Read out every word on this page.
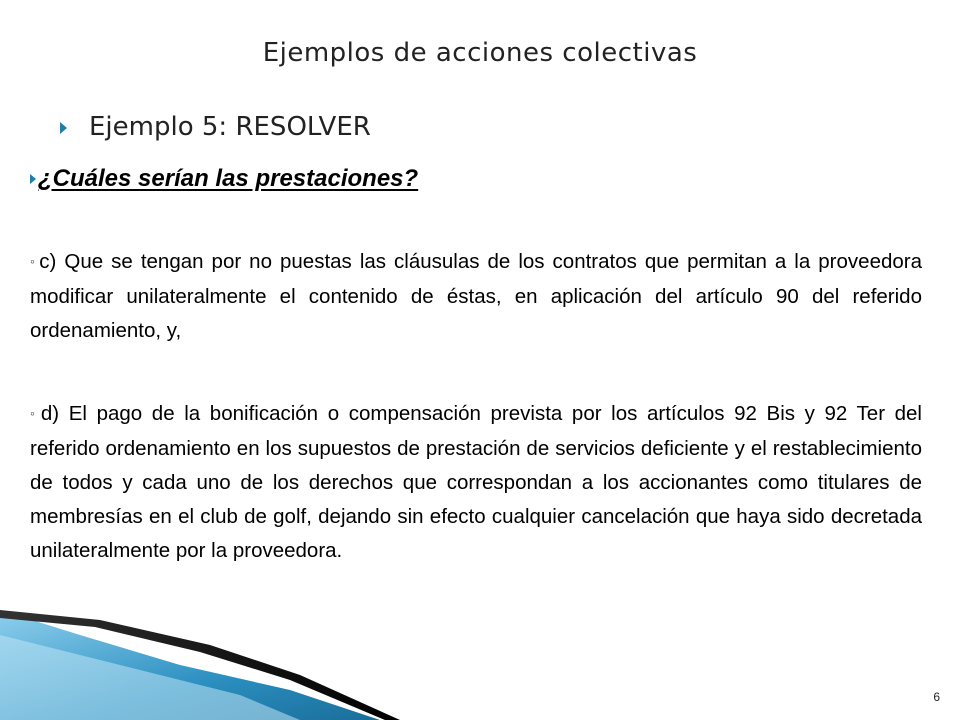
Ejemplos de acciones colectivas
Ejemplo 5: RESOLVER
¿Cuáles serían las prestaciones?
◦c) Que se tengan por no puestas las cláusulas de los contratos que permitan a la proveedora modificar unilateralmente el contenido de éstas, en aplicación del artículo 90 del referido ordenamiento, y,
◦d) El pago de la bonificación o compensación prevista por los artículos 92 Bis y 92 Ter del referido ordenamiento en los supuestos de prestación de servicios deficiente y el restablecimiento de todos y cada uno de los derechos que correspondan a los accionantes como titulares de membresías en el club de golf, dejando sin efecto cualquier cancelación que haya sido decretada unilateralmente por la proveedora.
6
